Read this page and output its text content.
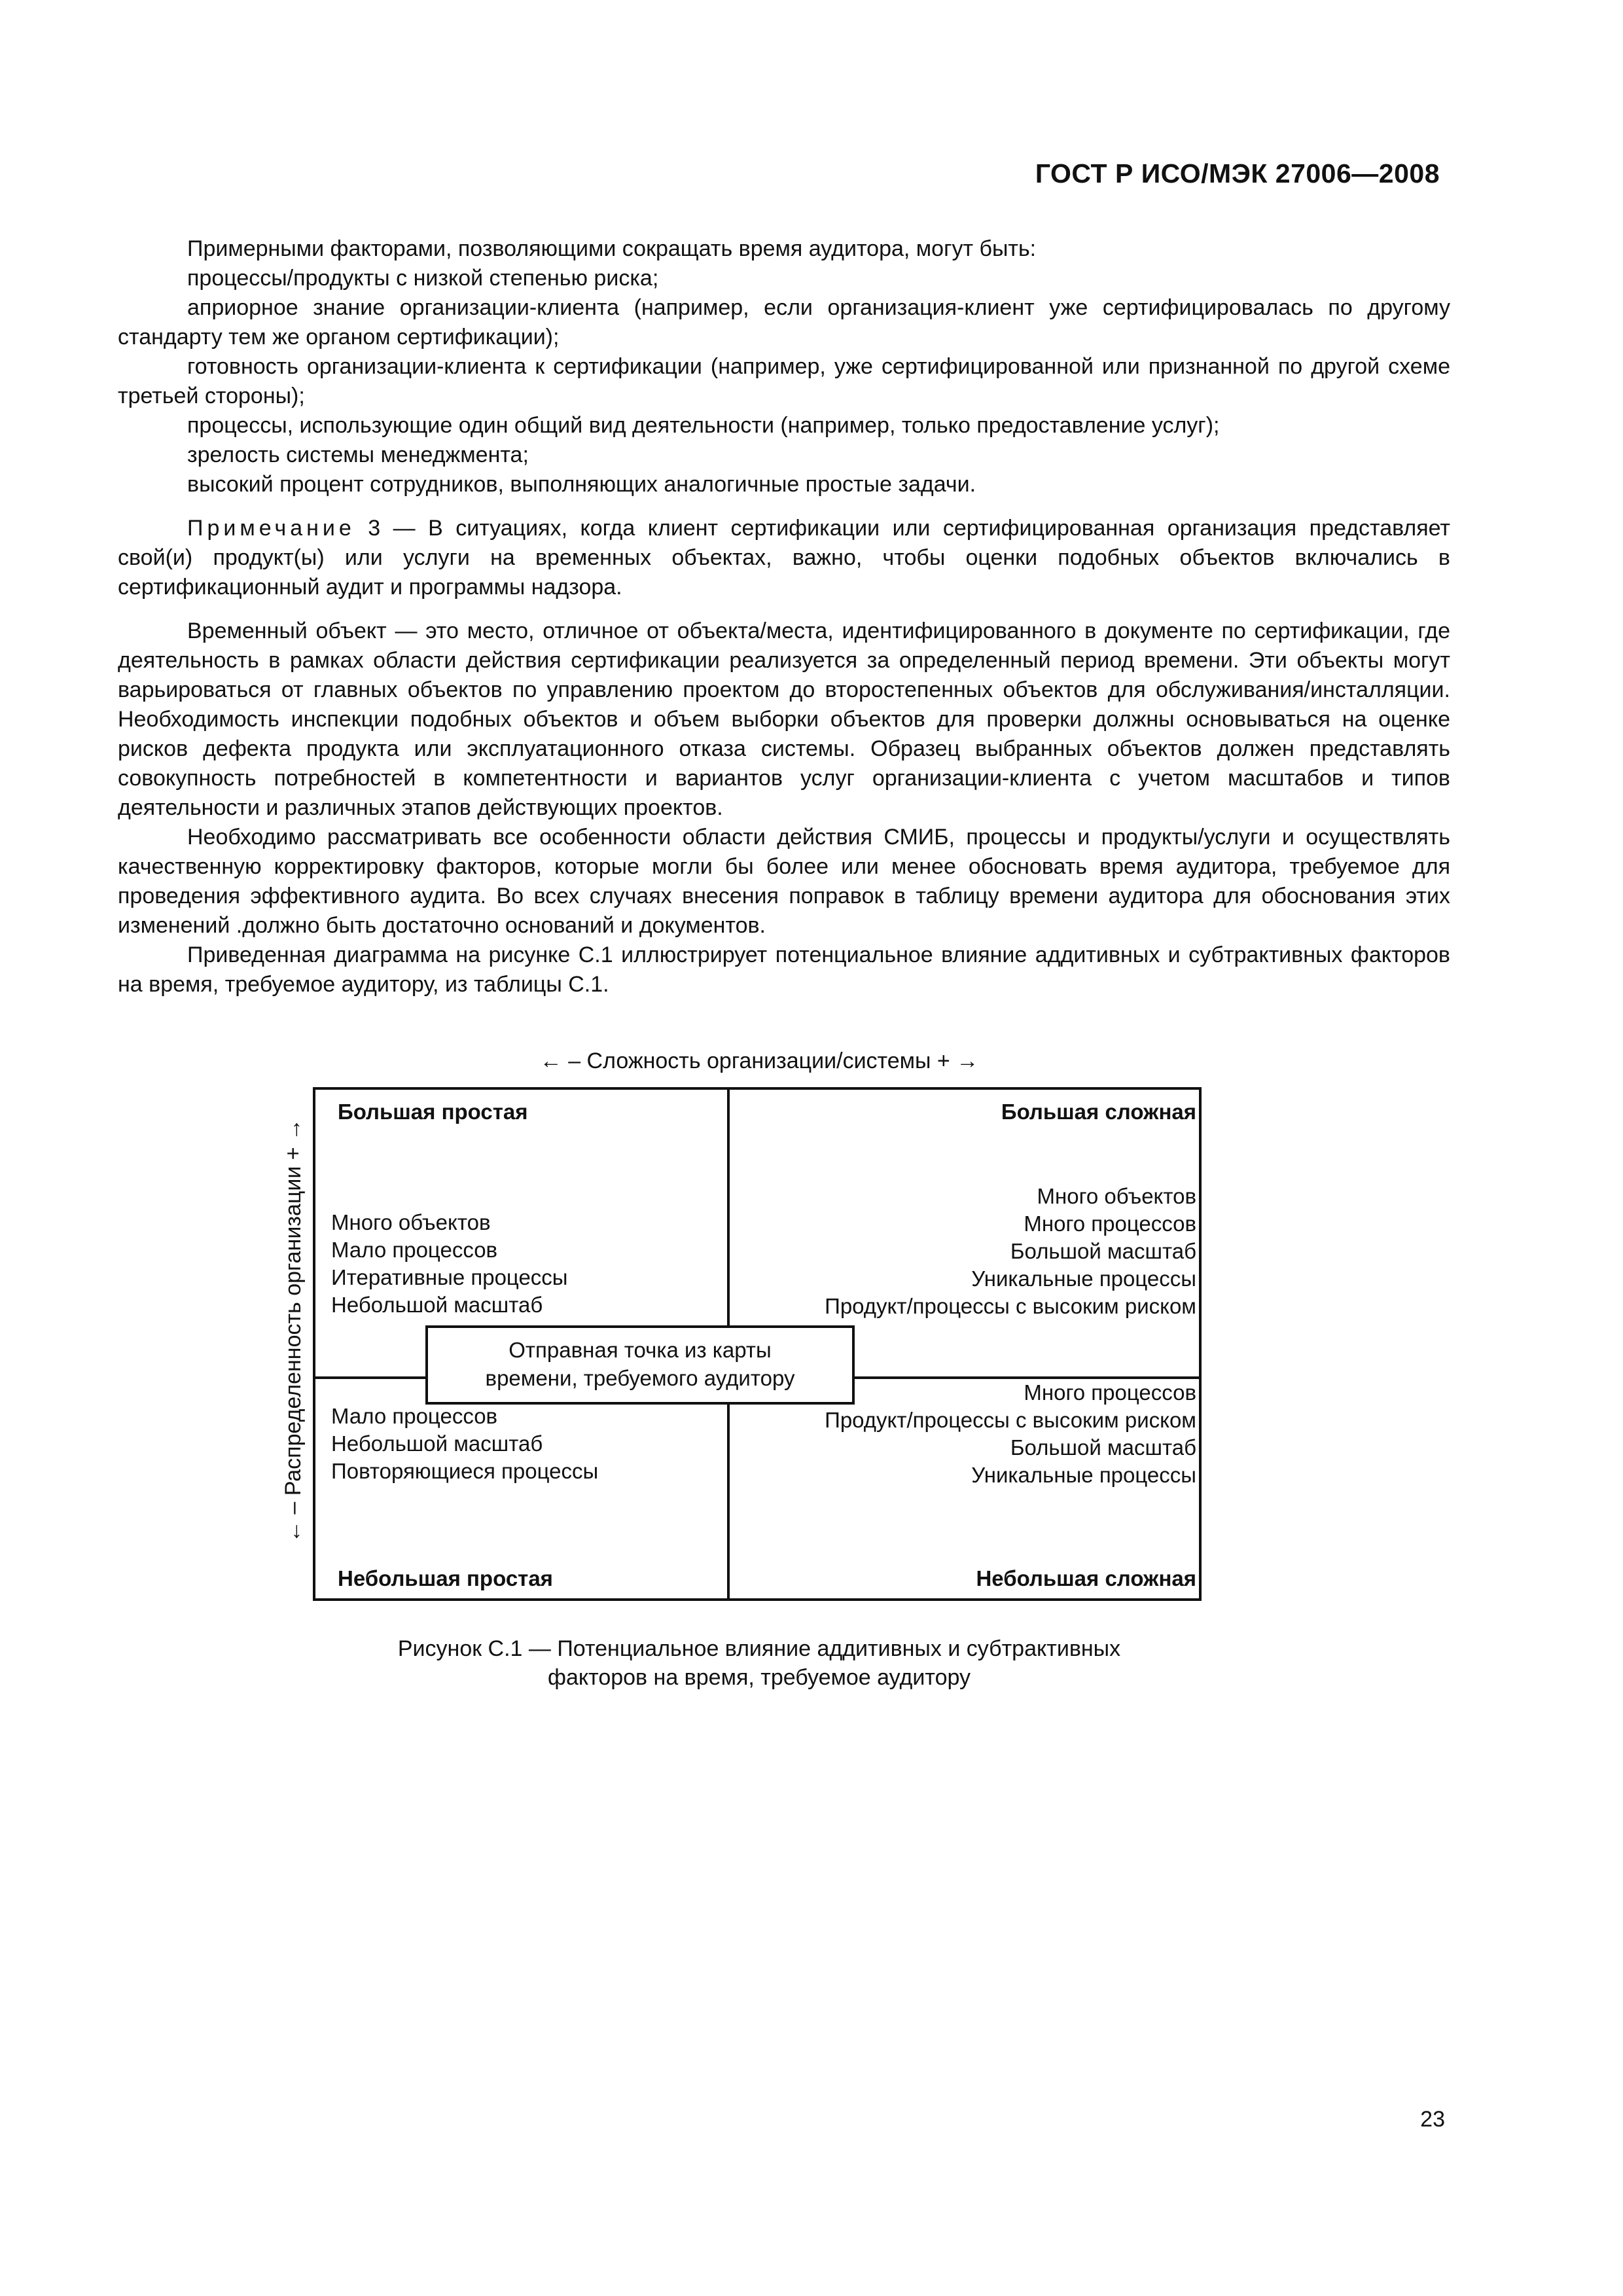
ГОСТ Р ИСО/МЭК 27006—2008

Примерными факторами, позволяющими сокращать время аудитора, могут быть:

процессы/продукты с низкой степенью риска;

априорное знание организации-клиента (например, если организация-клиент уже сертифицировалась по другому стандарту тем же органом сертификации);

готовность организации-клиента к сертификации (например, уже сертифицированной или признанной по другой схеме третьей стороны);

процессы, использующие один общий вид деятельности (например, только предоставление услуг);

зрелость системы менеджмента;

высокий процент сотрудников, выполняющих аналогичные простые задачи.

Примечание 3 — В ситуациях, когда клиент сертификации или сертифицированная организация представляет свой(и) продукт(ы) или услуги на временных объектах, важно, чтобы оценки подобных объектов включались в сертификационный аудит и программы надзора.

Временный объект — это место, отличное от объекта/места, идентифицированного в документе по сертификации, где деятельность в рамках области действия сертификации реализуется за определенный период времени. Эти объекты могут варьироваться от главных объектов по управлению проектом до второстепенных объектов для обслуживания/инсталляции. Необходимость инспекции подобных объектов и объем выборки объектов для проверки должны основываться на оценке рисков дефекта продукта или эксплуатационного отказа системы. Образец выбранных объектов должен представлять совокупность потребностей в компетентности и вариантов услуг организации-клиента с учетом масштабов и типов деятельности и различных этапов действующих проектов.

Необходимо рассматривать все особенности области действия СМИБ, процессы и продукты/услуги и осуществлять качественную корректировку факторов, которые могли бы более или менее обосновать время аудитора, требуемое для проведения эффективного аудита. Во всех случаях внесения поправок в таблицу времени аудитора для обоснования этих изменений .должно быть достаточно оснований и документов.

Приведенная диаграмма на рисунке С.1 иллюстрирует потенциальное влияние аддитивных и субтрактивных факторов на время, требуемое аудитору, из таблицы С.1.

← – Сложность организации/системы + →
← – Распределенность организации + →
Большая простая
Много объектов
Мало процессов
Итеративные процессы
Небольшой масштаб
Большая сложная
Много объектов
Много процессов
Большой масштаб
Уникальные процессы
Продукт/процессы с высоким риском
Отправная точка из карты
времени, требуемого аудитору
Мало процессов
Небольшой масштаб
Повторяющиеся процессы
Небольшая простая
Много процессов
Продукт/процессы с высоким риском
Большой масштаб
Уникальные процессы
Небольшая сложная
Рисунок С.1 — Потенциальное влияние аддитивных и субтрактивных
факторов на время, требуемое аудитору
23
